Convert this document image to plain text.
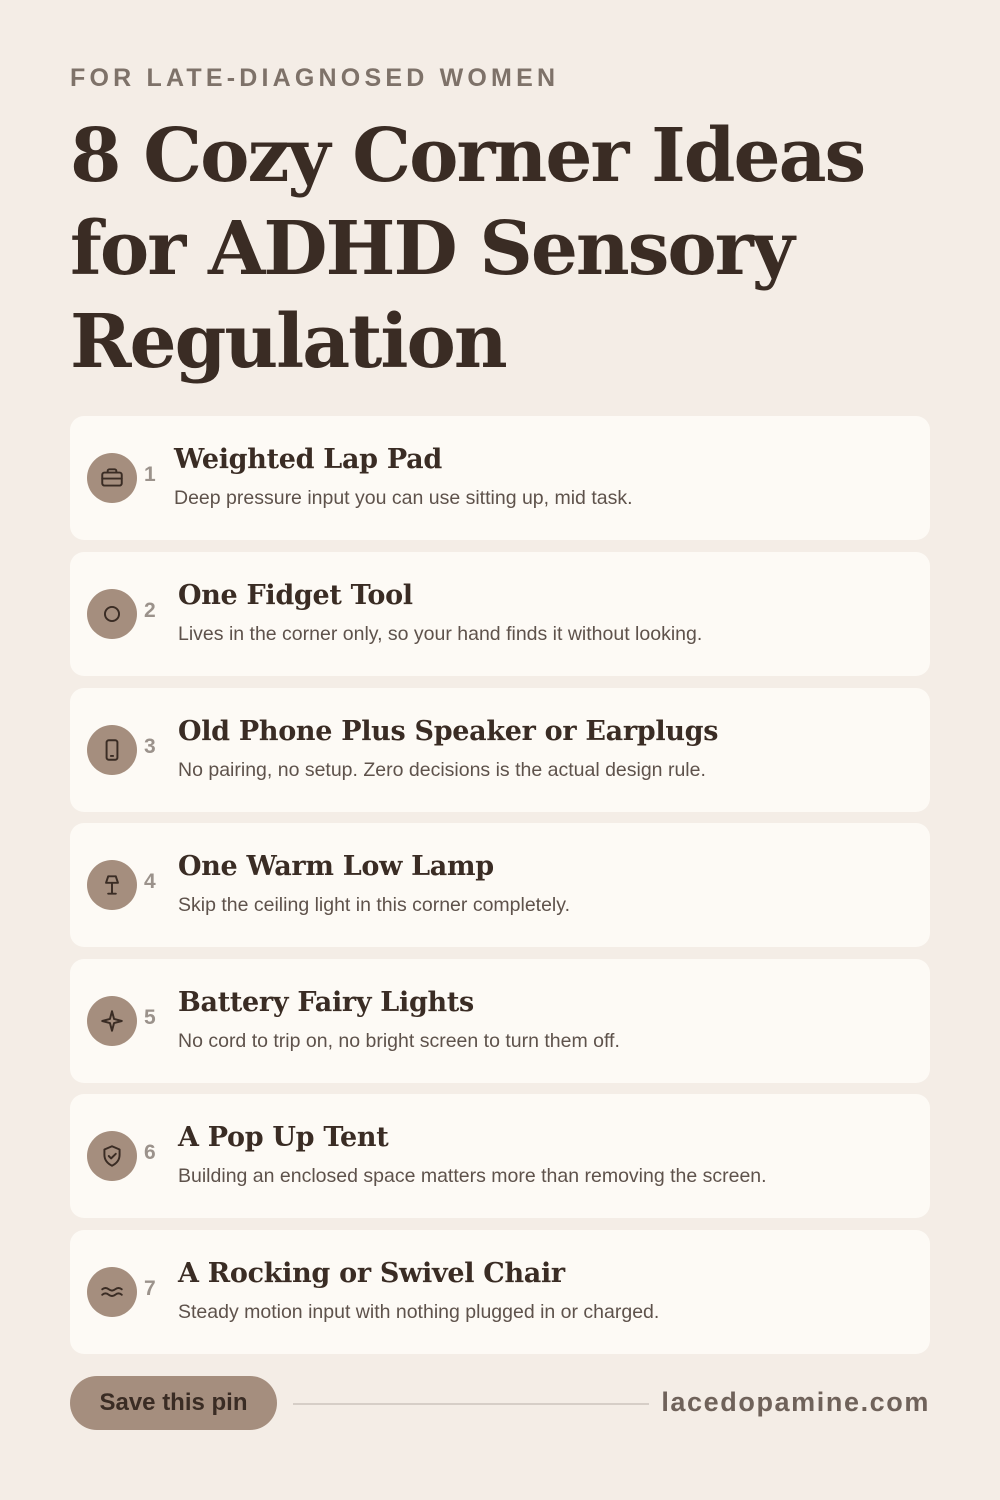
FOR LATE-DIAGNOSED WOMEN
8 Cozy Corner Ideas for ADHD Sensory Regulation
1 Weighted Lap Pad
Deep pressure input you can use sitting up, mid task.
2 One Fidget Tool
Lives in the corner only, so your hand finds it without looking.
3 Old Phone Plus Speaker or Earplugs
No pairing, no setup. Zero decisions is the actual design rule.
4 One Warm Low Lamp
Skip the ceiling light in this corner completely.
5 Battery Fairy Lights
No cord to trip on, no bright screen to turn them off.
6 A Pop Up Tent
Building an enclosed space matters more than removing the screen.
7 A Rocking or Swivel Chair
Steady motion input with nothing plugged in or charged.
Save this pin	lacedopamine.com
